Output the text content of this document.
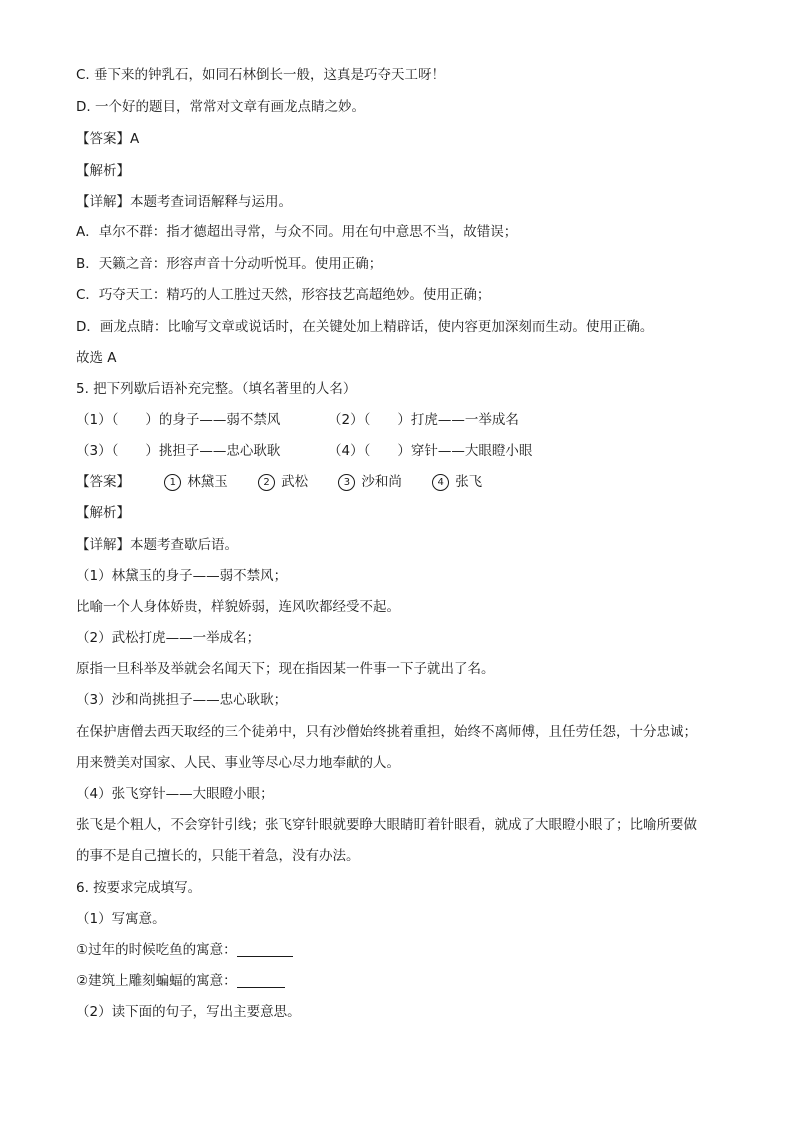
C. 垂下来的钟乳石，如同石林倒长一般，这真是巧夺天工呀！
D. 一个好的题目，常常对文章有画龙点睛之妙。
【答案】A
【解析】
【详解】本题考查词语解释与运用。
A．卓尔不群：指才德超出寻常，与众不同。用在句中意思不当，故错误；
B．天籁之音：形容声音十分动听悦耳。使用正确；
C．巧夺天工：精巧的人工胜过天然，形容技艺高超绝妙。使用正确；
D．画龙点睛：比喻写文章或说话时，在关键处加上精辟话，使内容更加深刻而生动。使用正确。
故选 A
5. 把下列歇后语补充完整。（填名著里的人名）
（1）（　　）的身子——弱不禁风	（2）（　　）打虎——一举成名
（3）（　　）挑担子——忠心耿耿	（4）（　　）穿针——大眼瞪小眼
【答案】	1 林黛玉	2 武松	3 沙和尚	4 张飞
【解析】
【详解】本题考查歇后语。
（1）林黛玉的身子——弱不禁风；
比喻一个人身体娇贵，样貌娇弱，连风吹都经受不起。
（2）武松打虎——一举成名；
原指一旦科举及举就会名闻天下；现在指因某一件事一下子就出了名。
（3）沙和尚挑担子——忠心耿耿；
在保护唐僧去西天取经的三个徒弟中，只有沙僧始终挑着重担，始终不离师傅，且任劳任怨，十分忠诚；
用来赞美对国家、人民、事业等尽心尽力地奉献的人。
（4）张飞穿针——大眼瞪小眼；
张飞是个粗人，不会穿针引线；张飞穿针眼就要睁大眼睛盯着针眼看，就成了大眼瞪小眼了；比喻所要做
的事不是自己擅长的，只能干着急，没有办法。
6. 按要求完成填写。
（1）写寓意。
①过年的时候吃鱼的寓意：
②建筑上雕刻蝙蝠的寓意：
（2）读下面的句子，写出主要意思。
